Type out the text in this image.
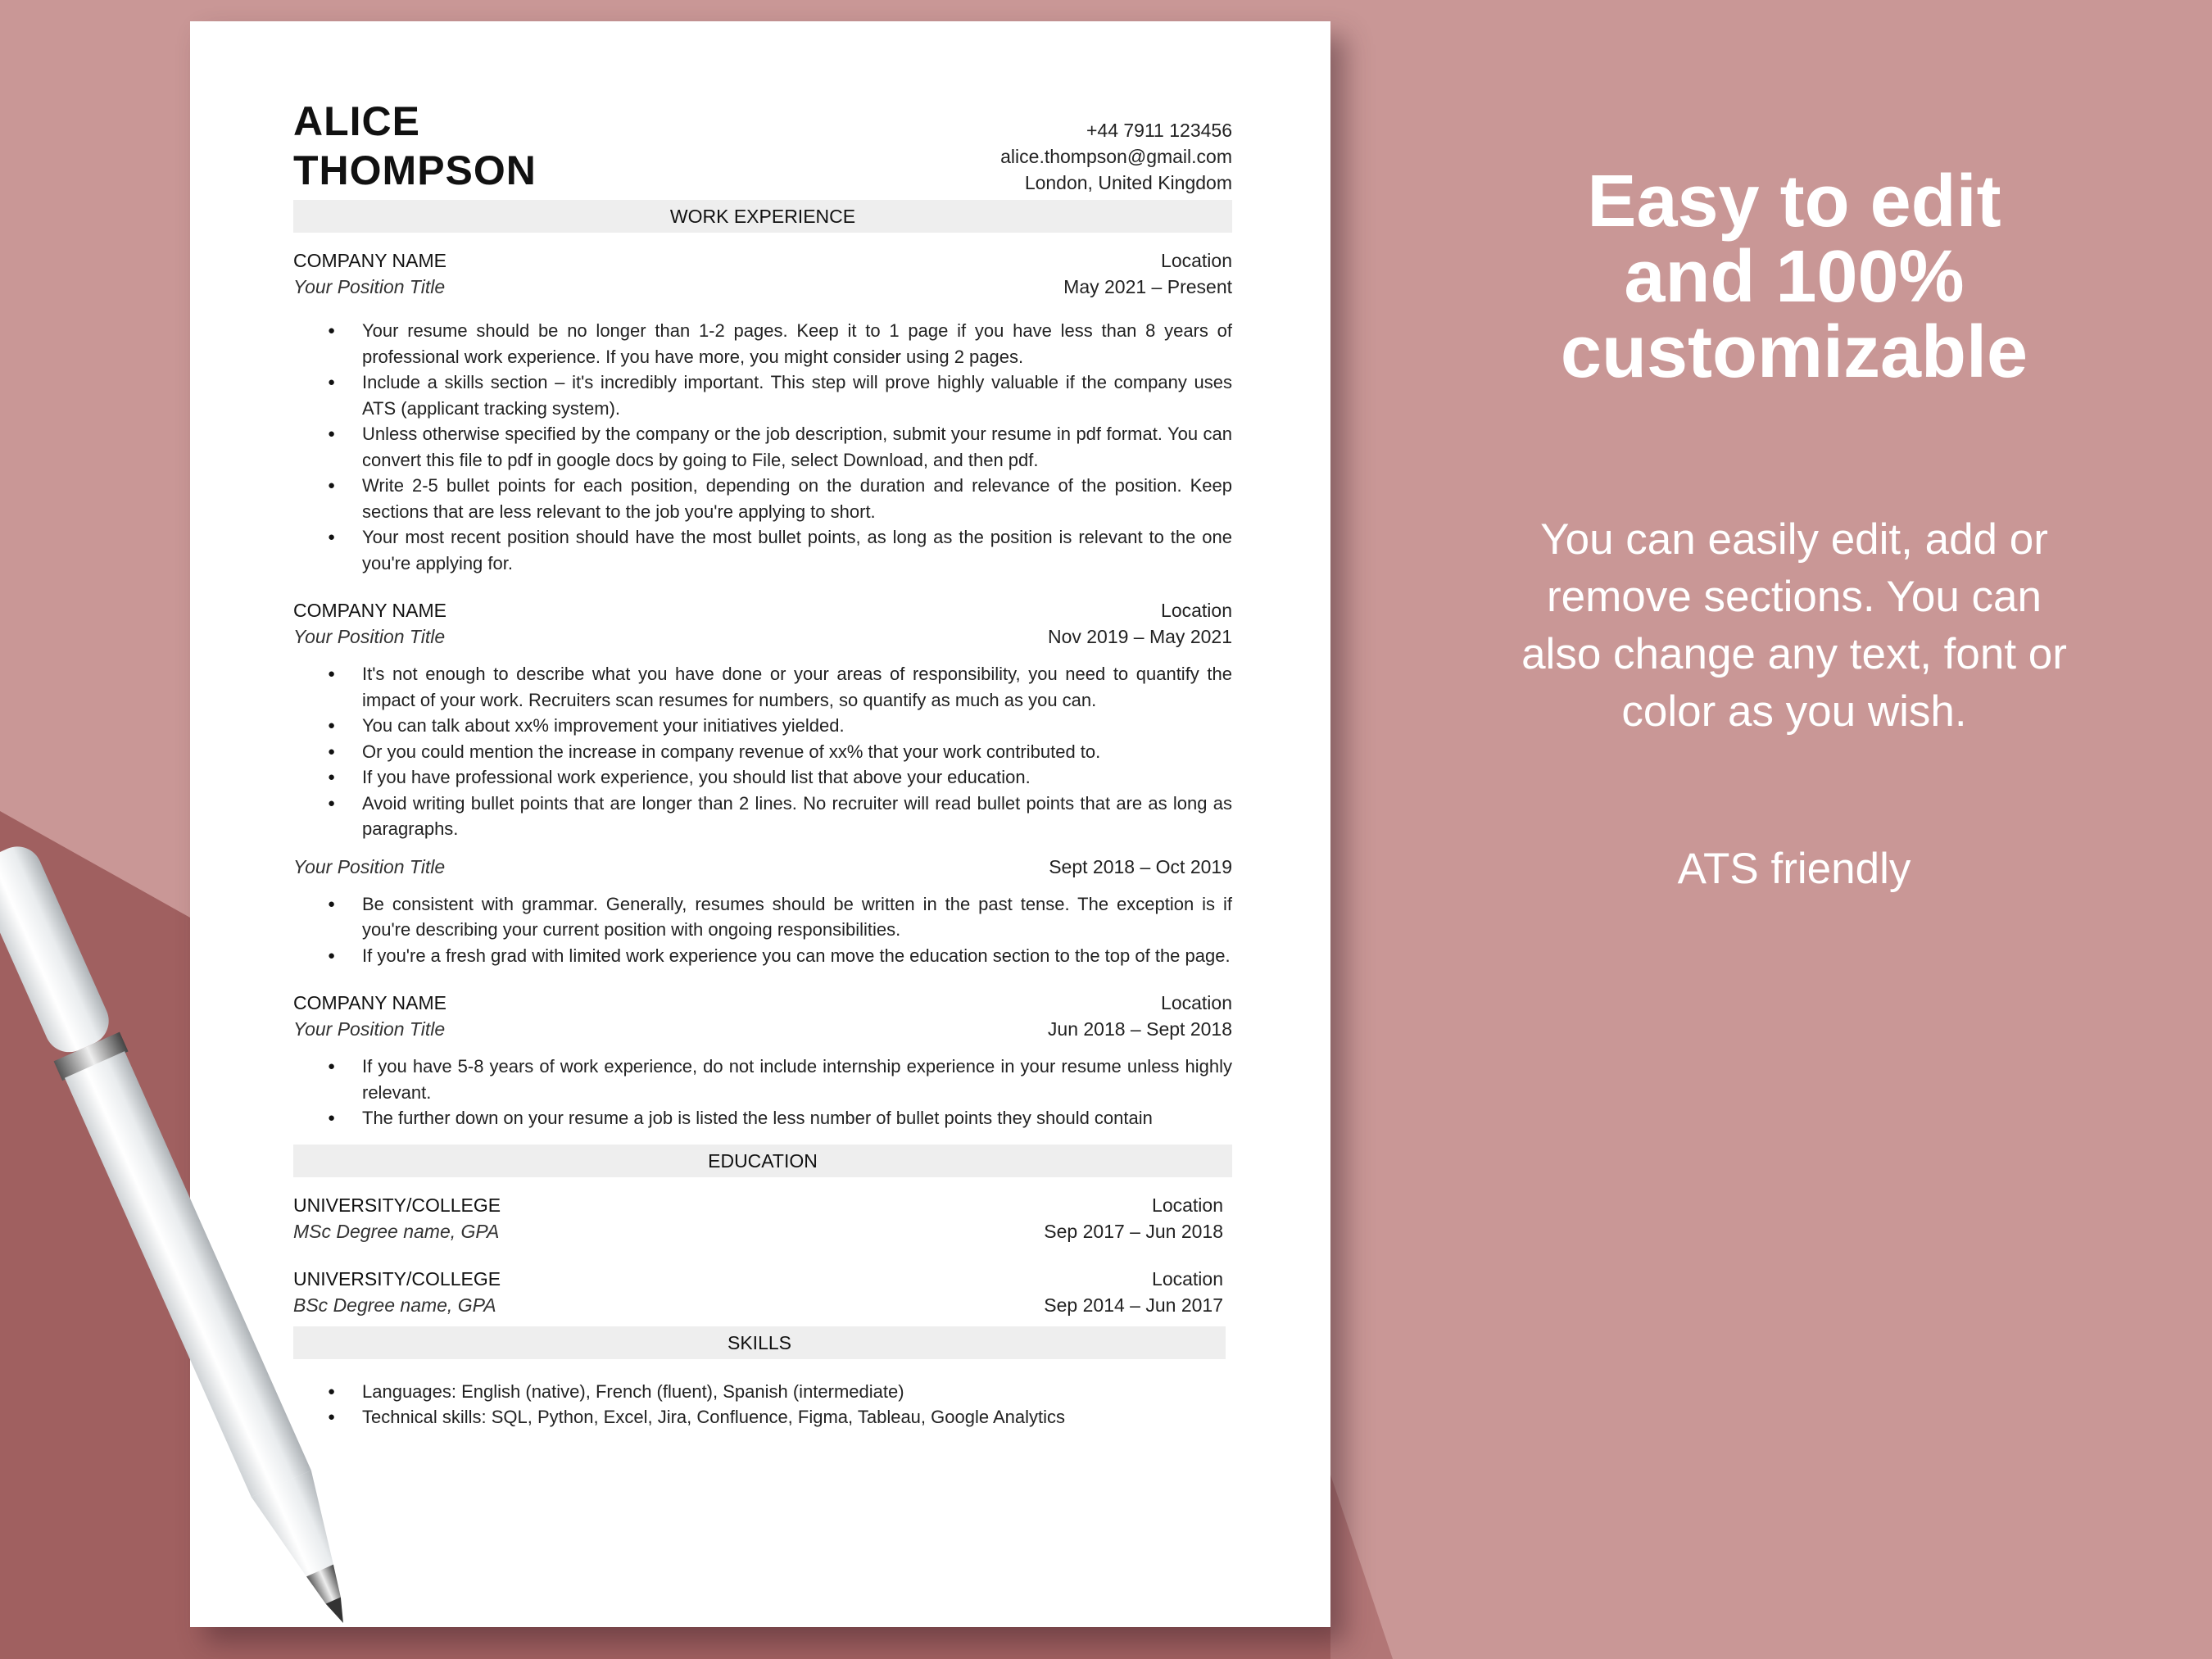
ALICE
THOMPSON
+44 7911 123456
alice.thompson@gmail.com
London, United Kingdom
WORK EXPERIENCE
COMPANY NAME	Location
Your Position Title	May 2021 – Present
● Your resume should be no longer than 1-2 pages. Keep it to 1 page if you have less than 8 years of professional work experience. If you have more, you might consider using 2 pages.
● Include a skills section – it's incredibly important. This step will prove highly valuable if the company uses ATS (applicant tracking system).
● Unless otherwise specified by the company or the job description, submit your resume in pdf format. You can convert this file to pdf in google docs by going to File, select Download, and then pdf.
● Write 2-5 bullet points for each position, depending on the duration and relevance of the position. Keep sections that are less relevant to the job you're applying to short.
● Your most recent position should have the most bullet points, as long as the position is relevant to the one you're applying for.
COMPANY NAME	Location
Your Position Title	Nov 2019 – May 2021
● It's not enough to describe what you have done or your areas of responsibility, you need to quantify the impact of your work. Recruiters scan resumes for numbers, so quantify as much as you can.
● You can talk about xx% improvement your initiatives yielded.
● Or you could mention the increase in company revenue of xx% that your work contributed to.
● If you have professional work experience, you should list that above your education.
● Avoid writing bullet points that are longer than 2 lines. No recruiter will read bullet points that are as long as paragraphs.
Your Position Title	Sept 2018 – Oct 2019
● Be consistent with grammar. Generally, resumes should be written in the past tense. The exception is if you're describing your current position with ongoing responsibilities.
● If you're a fresh grad with limited work experience you can move the education section to the top of the page.
COMPANY NAME	Location
Your Position Title	Jun 2018 – Sept 2018
● If you have 5-8 years of work experience, do not include internship experience in your resume unless highly relevant.
● The further down on your resume a job is listed the less number of bullet points they should contain
EDUCATION
UNIVERSITY/COLLEGE	Location
MSc Degree name, GPA	Sep 2017 – Jun 2018
UNIVERSITY/COLLEGE	Location
BSc Degree name, GPA	Sep 2014 – Jun 2017
SKILLS
● Languages: English (native), French (fluent), Spanish (intermediate)
● Technical skills: SQL, Python, Excel, Jira, Confluence, Figma, Tableau, Google Analytics
Easy to edit
and 100%
customizable
You can easily edit, add or
remove sections. You can
also change any text, font or
color as you wish.
ATS friendly
